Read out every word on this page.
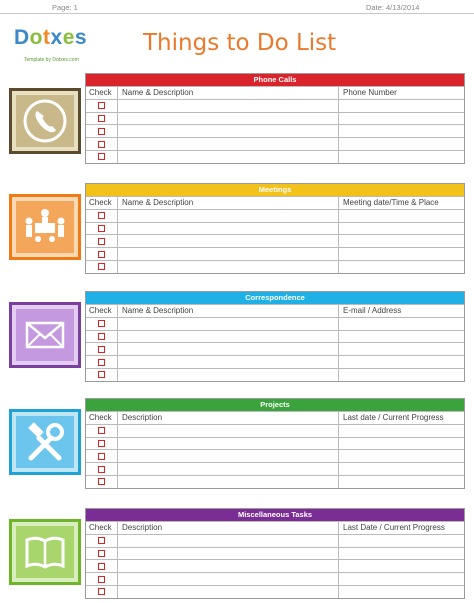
Page: 1	Date: 4/13/2014
Dotxes
Template by Dotxes.com
Things to Do List
Phone Calls
Check	Name & Description	Phone Number
Meetings
Check	Name & Description	Meeting date/Time & Place
Correspondence
Check	Name & Description	E-mail / Address
Projects
Check	Description	Last date / Current Progress
Miscellaneous Tasks
Check	Description	Last Date / Current Progress
